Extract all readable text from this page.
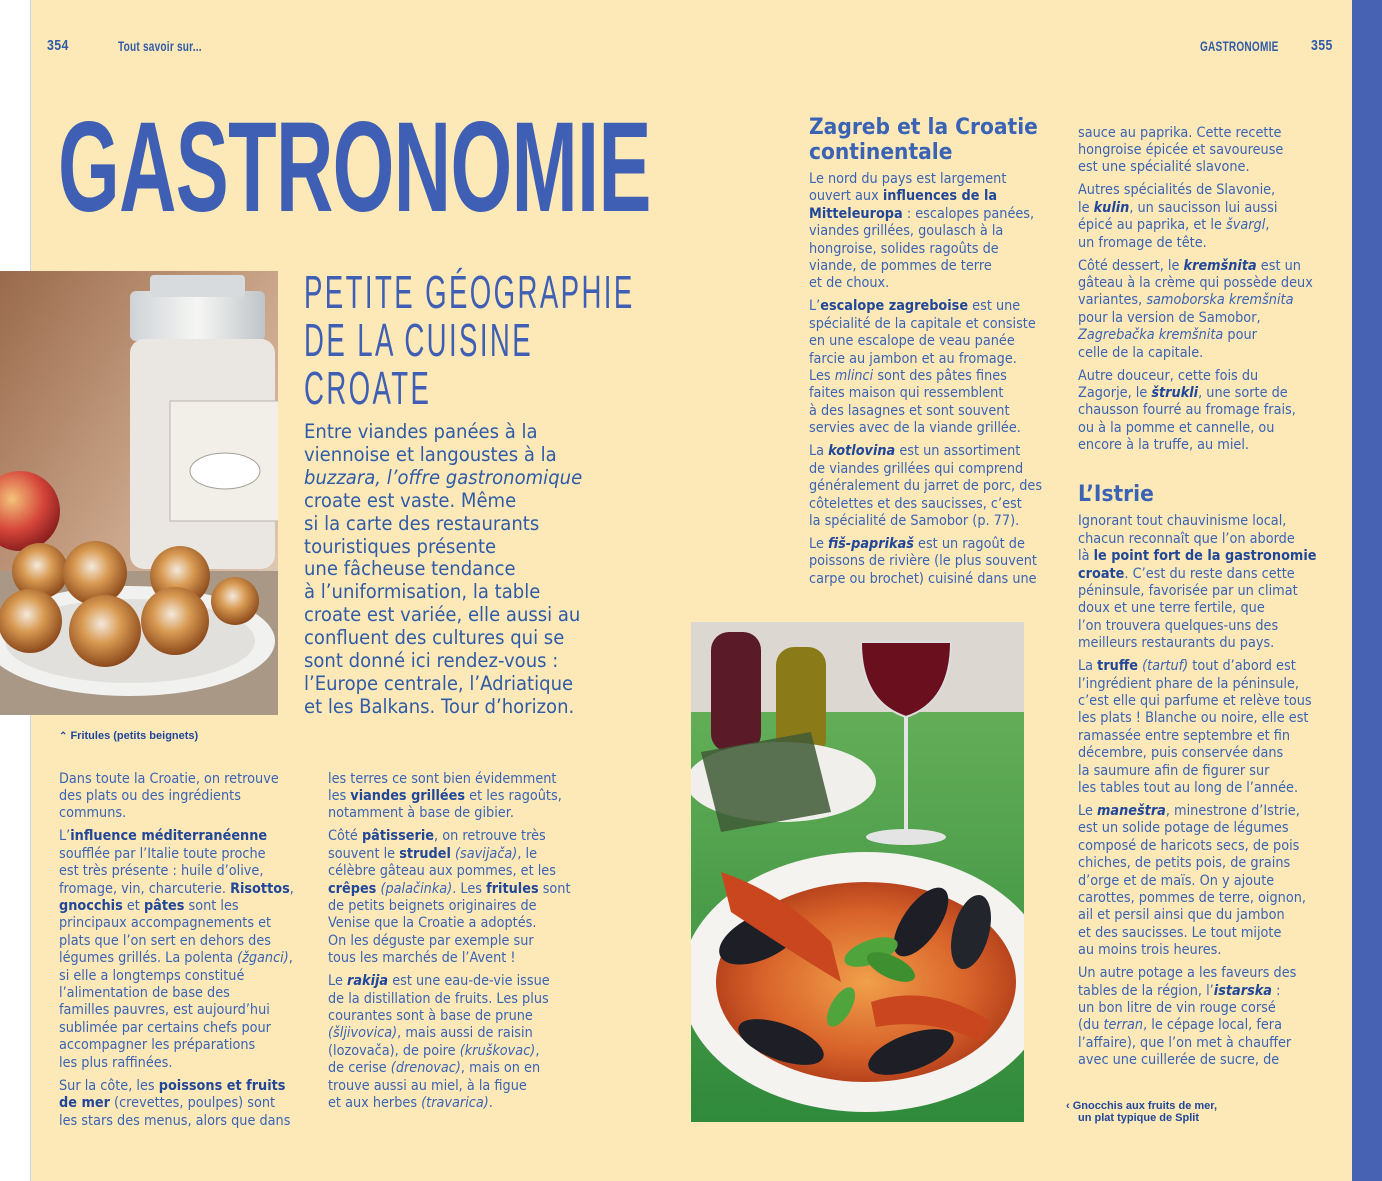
354	Tout savoir sur...	GASTRONOMIE 355
GASTRONOMIE
PETITE GÉOGRAPHIE
DE LA CUISINE
CROATE
Entre viandes panées à la
viennoise et langoustes à la
buzzara, l’offre gastronomique
croate est vaste. Même
si la carte des restaurants
touristiques présente
une fâcheuse tendance
à l’uniformisation, la table
croate est variée, elle aussi au
confluent des cultures qui se
sont donné ici rendez-vous :
l’Europe centrale, l’Adriatique
et les Balkans. Tour d’horizon.
⌃ Fritules (petits beignets)

Dans toute la Croatie, on retrouve
des plats ou des ingrédients
communs.

L’influence méditerranéenne
soufflée par l’Italie toute proche
est très présente : huile d’olive,
fromage, vin, charcuterie. Risottos,
gnocchis et pâtes sont les
principaux accompagnements et
plats que l’on sert en dehors des
légumes grillés. La polenta (žganci),
si elle a longtemps constitué
l’alimentation de base des
familles pauvres, est aujourd’hui
sublimée par certains chefs pour
accompagner les préparations
les plus raffinées.

Sur la côte, les poissons et fruits
de mer (crevettes, poulpes) sont
les stars des menus, alors que dans

les terres ce sont bien évidemment
les viandes grillées et les ragoûts,
notamment à base de gibier.

Côté pâtisserie, on retrouve très
souvent le strudel (savijača), le
célèbre gâteau aux pommes, et les
crêpes (palačinka). Les fritules sont
de petits beignets originaires de
Venise que la Croatie a adoptés.
On les déguste par exemple sur
tous les marchés de l’Avent !

Le rakija est une eau-de-vie issue
de la distillation de fruits. Les plus
courantes sont à base de prune
(šljivovica), mais aussi de raisin
(lozovača), de poire (kruškovac),
de cerise (drenovac), mais on en
trouve aussi au miel, à la figue
et aux herbes (travarica).

Zagreb et la Croatie
continentale

Le nord du pays est largement
ouvert aux influences de la
Mitteleuropa : escalopes panées,
viandes grillées, goulasch à la
hongroise, solides ragoûts de
viande, de pommes de terre
et de choux.

L’escalope zagreboise est une
spécialité de la capitale et consiste
en une escalope de veau panée
farcie au jambon et au fromage.
Les mlinci sont des pâtes fines
faites maison qui ressemblent
à des lasagnes et sont souvent
servies avec de la viande grillée.

La kotlovina est un assortiment
de viandes grillées qui comprend
généralement du jarret de porc, des
côtelettes et des saucisses, c’est
la spécialité de Samobor (p. 77).

Le fiš-paprikaš est un ragoût de
poissons de rivière (le plus souvent
carpe ou brochet) cuisiné dans une

sauce au paprika. Cette recette
hongroise épicée et savoureuse
est une spécialité slavone.

Autres spécialités de Slavonie,
le kulin, un saucisson lui aussi
épicé au paprika, et le švargl,
un fromage de tête.

Côté dessert, le kremšnita est un
gâteau à la crème qui possède deux
variantes, samoborska kremšnita
pour la version de Samobor,
Zagrebačka kremšnita pour
celle de la capitale.

Autre douceur, cette fois du
Zagorje, le štrukli, une sorte de
chausson fourré au fromage frais,
ou à la pomme et cannelle, ou
encore à la truffe, au miel.

L’Istrie

Ignorant tout chauvinisme local,
chacun reconnaît que l’on aborde
là le point fort de la gastronomie
croate. C’est du reste dans cette
péninsule, favorisée par un climat
doux et une terre fertile, que
l’on trouvera quelques-uns des
meilleurs restaurants du pays.

La truffe (tartuf) tout d’abord est
l’ingrédient phare de la péninsule,
c’est elle qui parfume et relève tous
les plats ! Blanche ou noire, elle est
ramassée entre septembre et fin
décembre, puis conservée dans
la saumure afin de figurer sur
les tables tout au long de l’année.

Le maneštra, minestrone d’Istrie,
est un solide potage de légumes
composé de haricots secs, de pois
chiches, de petits pois, de grains
d’orge et de maïs. On y ajoute
carottes, pommes de terre, oignon,
ail et persil ainsi que du jambon
et des saucisses. Le tout mijote
au moins trois heures.

Un autre potage a les faveurs des
tables de la région, l’istarska :
un bon litre de vin rouge corsé
(du terran, le cépage local, fera
l’affaire), que l’on met à chauffer
avec une cuillerée de sucre, de

‹ Gnocchis aux fruits de mer,
un plat typique de Split
